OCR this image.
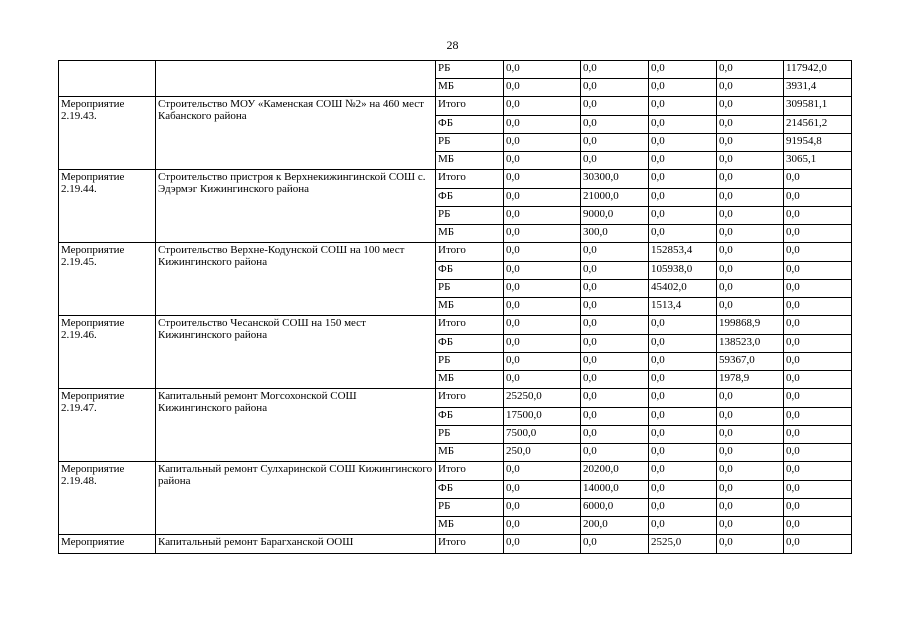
28
		РБ	0,0	0,0	0,0	0,0	117942,0
		МБ	0,0	0,0	0,0	0,0	3931,4
Мероприятие 2.19.43.	Строительство МОУ «Каменская СОШ №2» на 460 мест Кабанского района	Итого	0,0	0,0	0,0	0,0	309581,1
		ФБ	0,0	0,0	0,0	0,0	214561,2
		РБ	0,0	0,0	0,0	0,0	91954,8
		МБ	0,0	0,0	0,0	0,0	3065,1
Мероприятие 2.19.44.	Строительство пристроя к Верхнекижингинской СОШ с. Эдэрмэг Кижингинского района	Итого	0,0	30300,0	0,0	0,0	0,0
		ФБ	0,0	21000,0	0,0	0,0	0,0
		РБ	0,0	9000,0	0,0	0,0	0,0
		МБ	0,0	300,0	0,0	0,0	0,0
Мероприятие 2.19.45.	Строительство Верхне-Кодунской СОШ на 100 мест Кижингинского района	Итого	0,0	0,0	152853,4	0,0	0,0
		ФБ	0,0	0,0	105938,0	0,0	0,0
		РБ	0,0	0,0	45402,0	0,0	0,0
		МБ	0,0	0,0	1513,4	0,0	0,0
Мероприятие 2.19.46.	Строительство Чесанской СОШ на 150 мест Кижингинского района	Итого	0,0	0,0	0,0	199868,9	0,0
		ФБ	0,0	0,0	0,0	138523,0	0,0
		РБ	0,0	0,0	0,0	59367,0	0,0
		МБ	0,0	0,0	0,0	1978,9	0,0
Мероприятие 2.19.47.	Капитальный ремонт Могсохонской СОШ Кижингинского района	Итого	25250,0	0,0	0,0	0,0	0,0
		ФБ	17500,0	0,0	0,0	0,0	0,0
		РБ	7500,0	0,0	0,0	0,0	0,0
		МБ	250,0	0,0	0,0	0,0	0,0
Мероприятие 2.19.48.	Капитальный ремонт Сулхаринской СОШ Кижингинского района	Итого	0,0	20200,0	0,0	0,0	0,0
		ФБ	0,0	14000,0	0,0	0,0	0,0
		РБ	0,0	6000,0	0,0	0,0	0,0
		МБ	0,0	200,0	0,0	0,0	0,0
Мероприятие	Капитальный ремонт Барагханской ООШ	Итого	0,0	0,0	2525,0	0,0	0,0
